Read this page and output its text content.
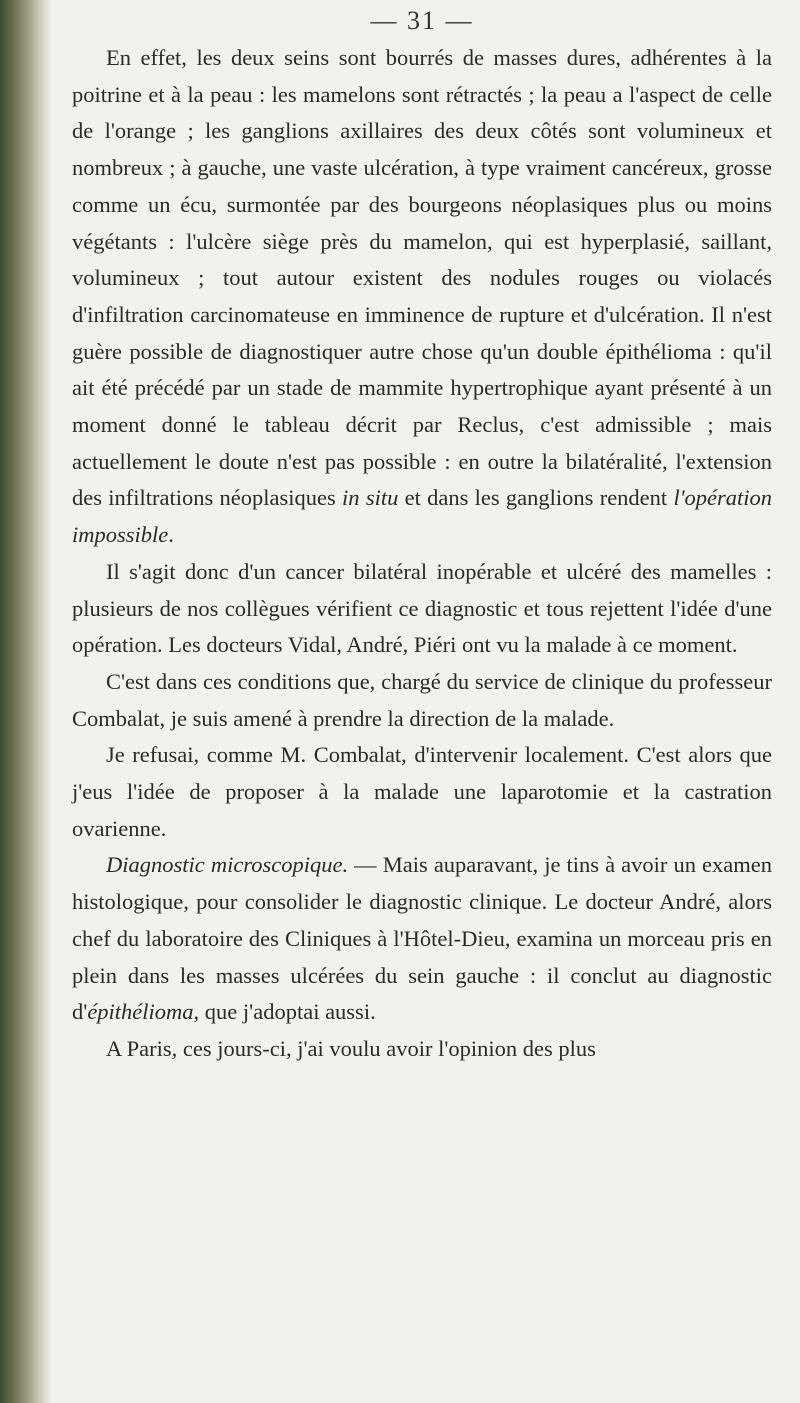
— 31 —

En effet, les deux seins sont bourrés de masses dures, adhérentes à la poitrine et à la peau : les mamelons sont rétractés ; la peau a l'aspect de celle de l'orange ; les ganglions axillaires des deux côtés sont volumineux et nombreux ; à gauche, une vaste ulcération, à type vraiment cancéreux, grosse comme un écu, surmontée par des bourgeons néoplasiques plus ou moins végétants : l'ulcère siège près du mamelon, qui est hyperplasié, saillant, volumineux ; tout autour existent des nodules rouges ou violacés d'infiltration carcinomateuse en imminence de rupture et d'ulcération. Il n'est guère possible de diagnostiquer autre chose qu'un double épithélioma : qu'il ait été précédé par un stade de mammite hypertrophique ayant présenté à un moment donné le tableau décrit par Reclus, c'est admissible ; mais actuellement le doute n'est pas possible : en outre la bilatéralité, l'extension des infiltrations néoplasiques in situ et dans les ganglions rendent l'opération impossible.

Il s'agit donc d'un cancer bilatéral inopérable et ulcéré des mamelles : plusieurs de nos collègues vérifient ce diagnostic et tous rejettent l'idée d'une opération. Les docteurs Vidal, André, Piéri ont vu la malade à ce moment.

C'est dans ces conditions que, chargé du service de clinique du professeur Combalat, je suis amené à prendre la direction de la malade.

Je refusai, comme M. Combalat, d'intervenir localement. C'est alors que j'eus l'idée de proposer à la malade une laparotomie et la castration ovarienne.

Diagnostic microscopique. — Mais auparavant, je tins à avoir un examen histologique, pour consolider le diagnostic clinique. Le docteur André, alors chef du laboratoire des Cliniques à l'Hôtel-Dieu, examina un morceau pris en plein dans les masses ulcérées du sein gauche : il conclut au diagnostic d'épithélioma, que j'adoptai aussi.

A Paris, ces jours-ci, j'ai voulu avoir l'opinion des plus
